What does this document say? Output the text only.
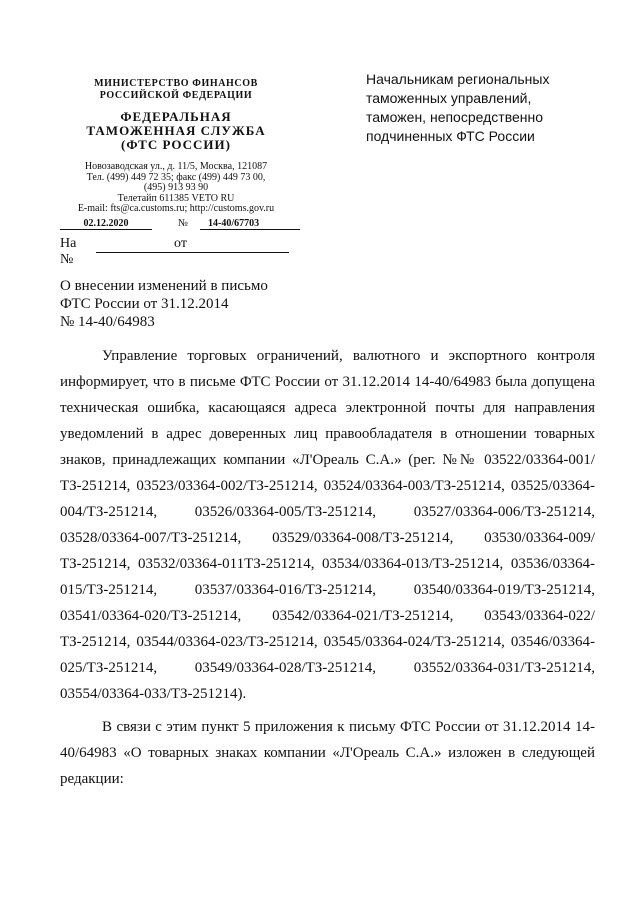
МИНИСТЕРСТВО ФИНАНСОВ
РОССИЙСКОЙ ФЕДЕРАЦИИ
ФЕДЕРАЛЬНАЯ
ТАМОЖЕННАЯ СЛУЖБА
(ФТС РОССИИ)
Новозаводская ул., д. 11/5, Москва, 121087
Тел. (499) 449 72 35; факс (499) 449 73 00,
(495) 913 93 90
Телетайп 611385 VETO RU
E-mail: fts@ca.customs.ru; http://customs.gov.ru
02.12.2020	№	14-40/67703
На №
от
Начальникам региональных
таможенных управлений,
таможен, непосредственно
подчиненных ФТС России
О внесении изменений в письмо
ФТС России от 31.12.2014
№ 14-40/64983

Управление торговых ограничений, валютного и экспортного контроля информирует, что в письме ФТС России от 31.12.2014 14-40/64983 была допущена техническая ошибка, касающаяся адреса электронной почты для направления уведомлений в адрес доверенных лиц правообладателя в отношении товарных знаков, принадлежащих компании «Л'Ореаль С.А.» (рег. №№ 03522/03364-001/ТЗ-251214, 03523/03364-002/ТЗ-251214, 03524/03364-003/ТЗ-251214, 03525/03364-004/ТЗ-251214, 03526/03364-005/ТЗ-251214, 03527/03364-006/ТЗ-251214, 03528/03364-007/ТЗ-251214, 03529/03364-008/ТЗ-251214, 03530/03364-009/ТЗ-251214, 03532/03364-011ТЗ-251214, 03534/03364-013/ТЗ-251214, 03536/03364-015/ТЗ-251214, 03537/03364-016/ТЗ-251214, 03540/03364-019/ТЗ-251214, 03541/03364-020/ТЗ-251214, 03542/03364-021/ТЗ-251214, 03543/03364-022/ТЗ-251214, 03544/03364-023/ТЗ-251214, 03545/03364-024/ТЗ-251214, 03546/03364-025/ТЗ-251214, 03549/03364-028/ТЗ-251214, 03552/03364-031/ТЗ-251214, 03554/03364-033/ТЗ-251214).

В связи с этим пункт 5 приложения к письму ФТС России от 31.12.2014 14-40/64983 «О товарных знаках компании «Л'Ореаль С.А.» изложен в следующей редакции:
